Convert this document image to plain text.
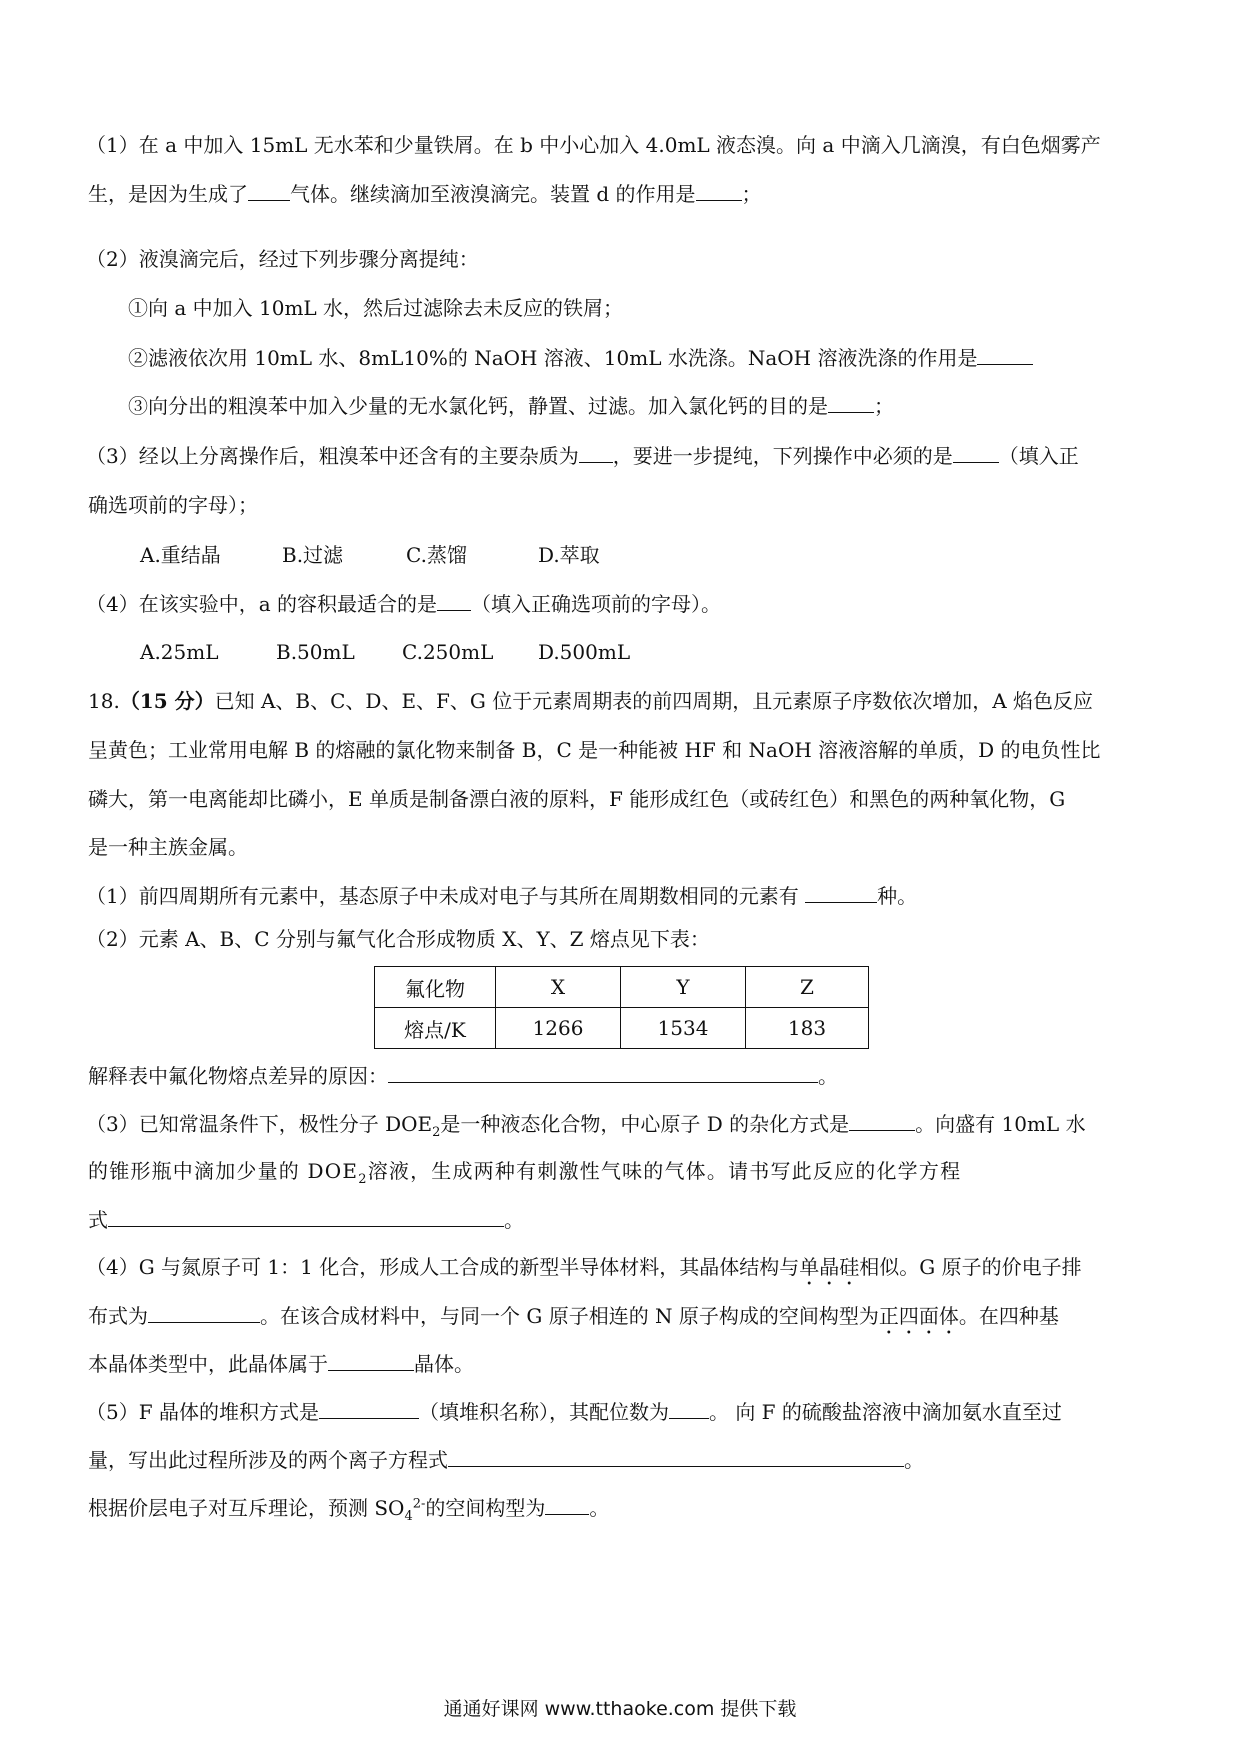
（1）在 a 中加入 15mL 无水苯和少量铁屑。在 b 中小心加入 4.0mL 液态溴。向 a 中滴入几滴溴，有白色烟雾产
生，是因为生成了 气体。继续滴加至液溴滴完。装置 d 的作用是 ；
（2）液溴滴完后，经过下列步骤分离提纯：
①向 a 中加入 10mL 水，然后过滤除去未反应的铁屑；
②滤液依次用 10mL 水、8mL10%的 NaOH 溶液、10mL 水洗涤。NaOH 溶液洗涤的作用是
③向分出的粗溴苯中加入少量的无水氯化钙，静置、过滤。加入氯化钙的目的是 ；
（3）经以上分离操作后，粗溴苯中还含有的主要杂质为 ，要进一步提纯，下列操作中必须的是 （填入正
确选项前的字母）；
A.重结晶	B.过滤	C.蒸馏	D.萃取
（4）在该实验中，a 的容积最适合的是 （填入正确选项前的字母）。
A.25mL	B.50mL C.250mL D.500mL
18.（15 分）已知 A、B、C、D、E、F、G 位于元素周期表的前四周期，且元素原子序数依次增加，A 焰色反应
呈黄色；工业常用电解 B 的熔融的氯化物来制备 B，C 是一种能被 HF 和 NaOH 溶液溶解的单质，D 的电负性比
磷大，第一电离能却比磷小，E 单质是制备漂白液的原料，F 能形成红色（或砖红色）和黑色的两种氧化物，G
是一种主族金属。
（1）前四周期所有元素中，基态原子中未成对电子与其所在周期数相同的元素有	种。
（2）元素 A、B、C 分别与氟气化合形成物质 X、Y、Z 熔点见下表：
氟化物	X	Y	Z
熔点/K	1266	1534	183
解释表中氟化物熔点差异的原因：	。
（3）已知常温条件下，极性分子 $DOE_2$是一种液态化合物，中心原子 D 的杂化方式是	。向盛有 10mL 水
的锥形瓶中滴加少量的 $DOE_2$溶液，生成两种有刺激性气味的气体。请书写此反应的化学方程
式	。
（4）G 与氮原子可 1：1 化合，形成人工合成的新型半导体材料，其晶体结构与单晶硅相似。G 原子的价电子排
布式为	。在该合成材料中，与同一个 G 原子相连的 N 原子构成的空间构型为正四面体。在四种基
本晶体类型中，此晶体属于	晶体。
（5）F 晶体的堆积方式是	（填堆积名称），其配位数为 。 向 F 的硫酸盐溶液中滴加氨水直至过
量，写出此过程所涉及的两个离子方程式	。
根据价层电子对互斥理论，预测 $SO_4^{2-}$的空间构型为 。
通通好课网 www.tthaoke.com 提供下载
